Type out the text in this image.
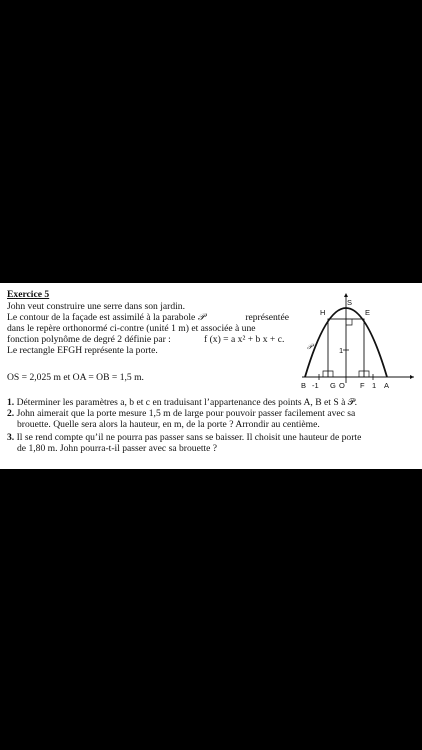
Exercice 5
John veut construire une serre dans son jardin.
Le contour de la façade est assimilé à la parabole 𝒫	représentée
dans le repère orthonormé ci-contre (unité 1 m) et associée à une
fonction polynôme de degré 2 définie par :	f (x) = a x² + b x + c.
Le rectangle EFGH représente la porte.
OS = 2,025 m et OA = OB = 1,5 m.
1. Déterminer les paramètres a, b et c en traduisant l’appartenance des points A, B et S à 𝒫.
2. John aimerait que la porte mesure 1,5 m de large pour pouvoir passer facilement avec sa
brouette. Quelle sera alors la hauteur, en m, de la porte ? Arrondir au centième.
3. Il se rend compte qu’il ne pourra pas passer sans se baisser. Il choisit une hauteur de porte
de 1,80 m. John pourra-t-il passer avec sa brouette ?
S
H	E
𝒫	1
B -1 G O F 1 A
